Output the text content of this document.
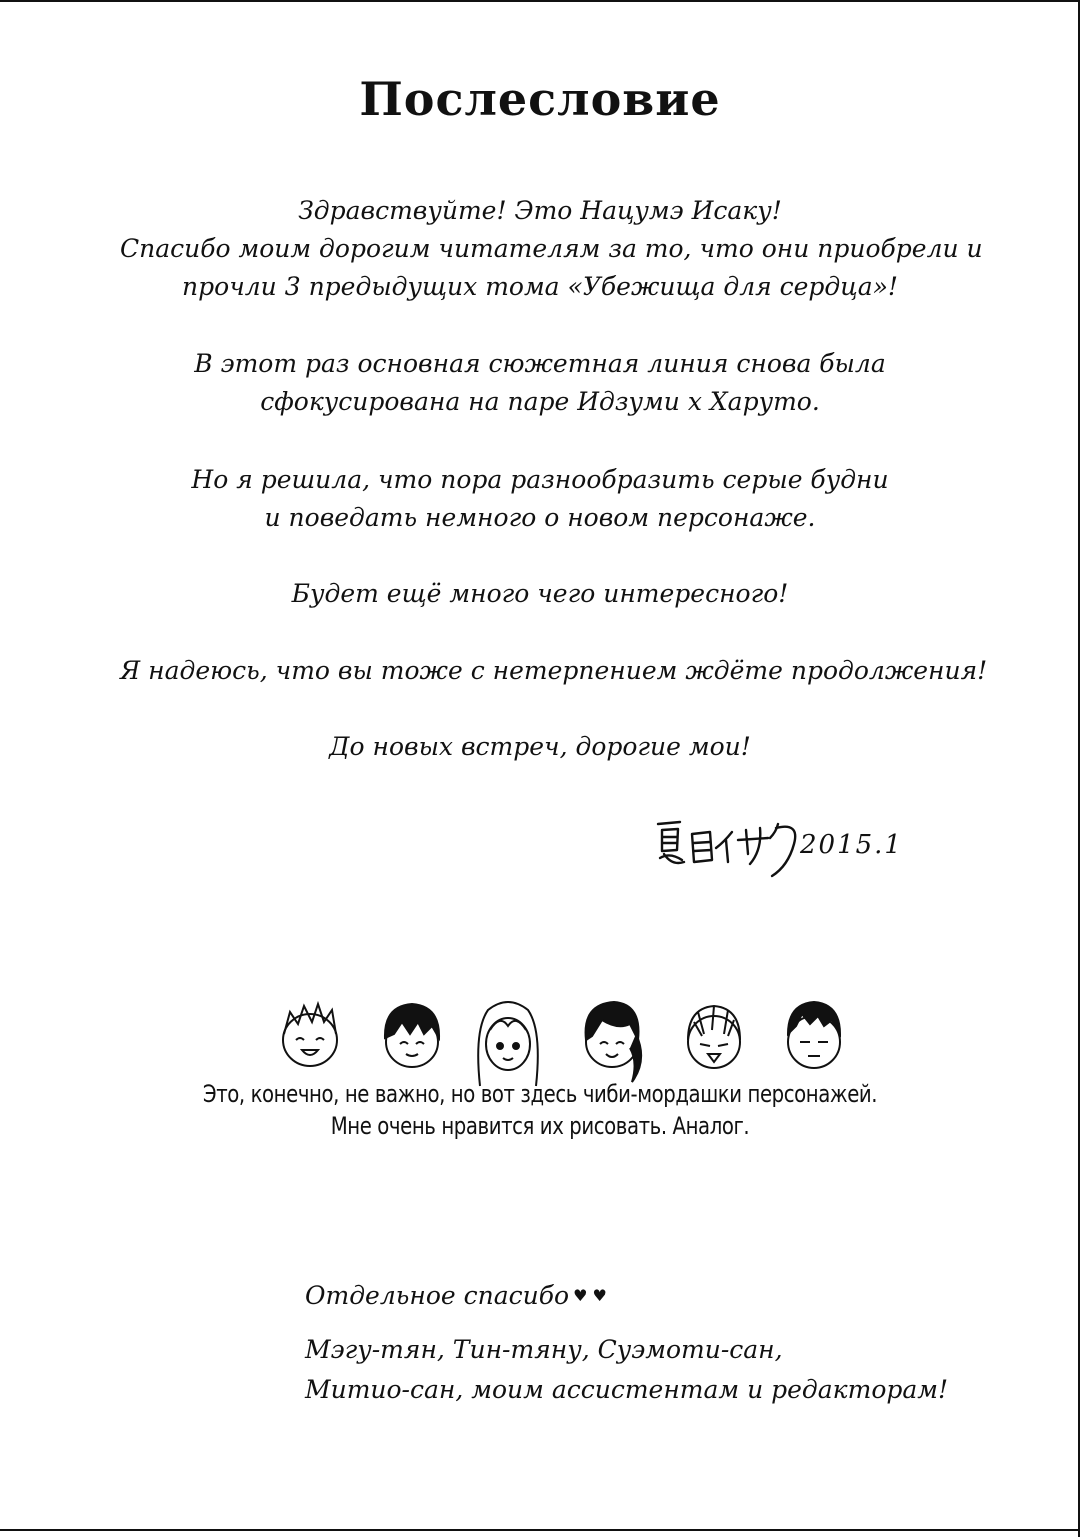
Послесловие
Здравствуйте! Это Нацумэ Исаку!
Спасибо моим дорогим читателям за то, что они приобрели и
прочли 3 предыдущих тома «Убежища для сердца»!
В этот раз основная сюжетная линия снова была
сфокусирована на паре Идзуми х Харуто.
Но я решила, что пора разнообразить серые будни
и поведать немного о новом персонаже.
Будет ещё много чего интересного!
Я надеюсь, что вы тоже с нетерпением ждёте продолжения!
До новых встреч, дорогие мои!
2015.1
Это, конечно, не важно, но вот здесь чиби-мордашки персонажей.
Мне очень нравится их рисовать. Аналог.
Отдельное спасибо ♥ ♥
Мэгу-тян, Тин-тяну, Суэмоти-сан,
Митио-сан, моим ассистентам и редакторам!
